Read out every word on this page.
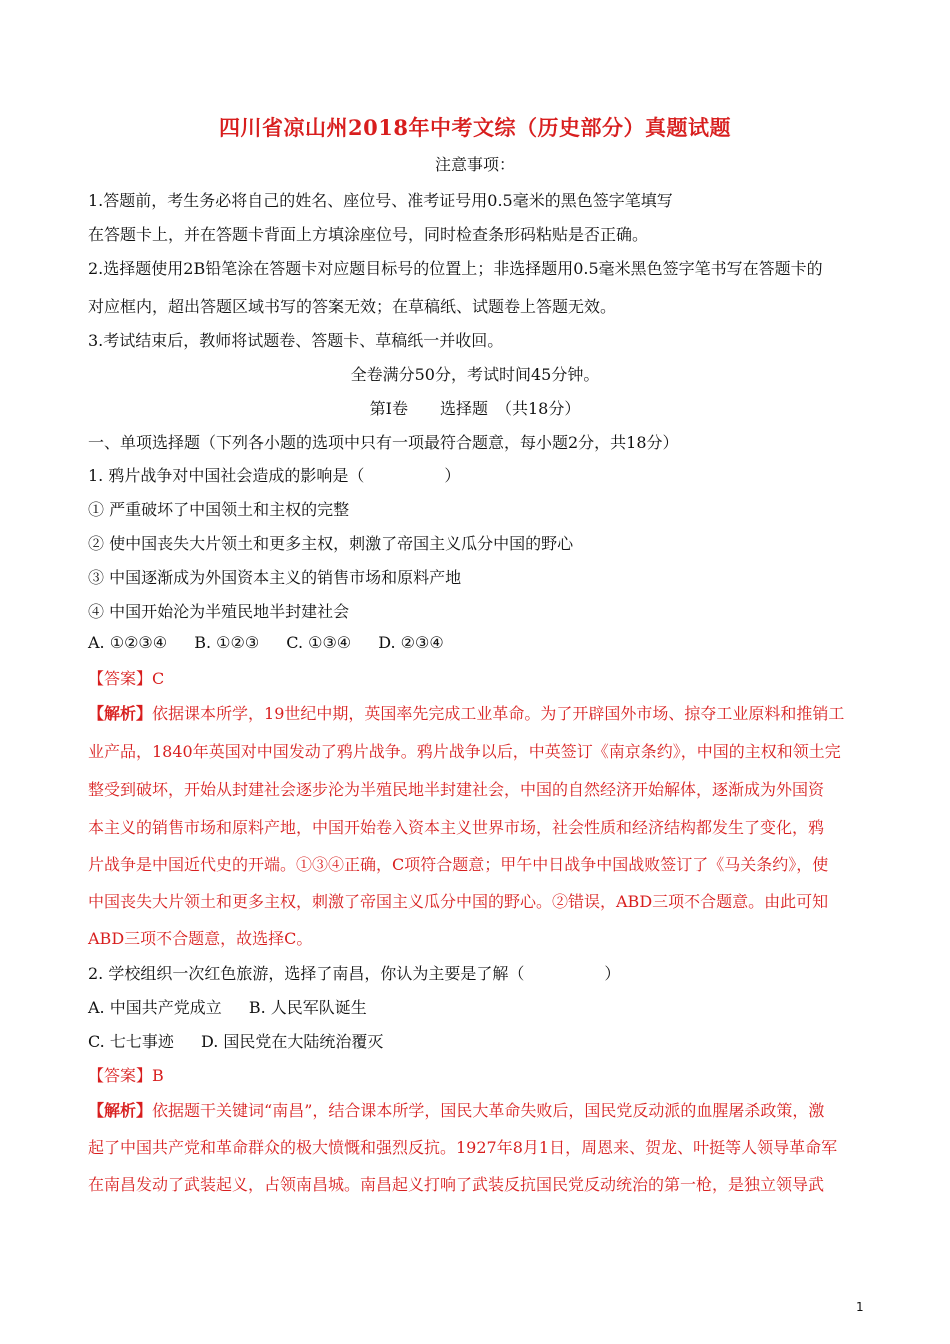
四川省凉山州2018年中考文综（历史部分）真题试题
注意事项：
1.答题前，考生务必将自己的姓名、座位号、准考证号用0.5毫米的黑色签字笔填写
在答题卡上，并在答题卡背面上方填涂座位号，同时检查条形码粘贴是否正确。
2.选择题使用2B铅笔涂在答题卡对应题目标号的位置上；非选择题用0.5毫米黑色签字笔书写在答题卡的
对应框内，超出答题区域书写的答案无效；在草稿纸、试题卷上答题无效。
3.考试结束后，教师将试题卷、答题卡、草稿纸一并收回。
全卷满分50分，考试时间45分钟。
第Ⅰ卷　　选择题　（共18分）
一、单项选择题（下列各小题的选项中只有一项最符合题意，每小题2分，共18分）
1. 鸦片战争对中国社会造成的影响是（　　　　　）
① 严重破坏了中国领土和主权的完整
② 使中国丧失大片领土和更多主权，刺激了帝国主义瓜分中国的野心
③ 中国逐渐成为外国资本主义的销售市场和原料产地
④ 中国开始沦为半殖民地半封建社会
A. ①②③④ B. ①②③ C. ①③④ D. ②③④
【答案】C
【解析】依据课本所学，19世纪中期，英国率先完成工业革命。为了开辟国外市场、掠夺工业原料和推销工
业产品，1840年英国对中国发动了鸦片战争。鸦片战争以后，中英签订《南京条约》，中国的主权和领土完
整受到破坏，开始从封建社会逐步沦为半殖民地半封建社会，中国的自然经济开始解体，逐渐成为外国资
本主义的销售市场和原料产地，中国开始卷入资本主义世界市场，社会性质和经济结构都发生了变化，鸦
片战争是中国近代史的开端。①③④正确，C项符合题意；甲午中日战争中国战败签订了《马关条约》，使
中国丧失大片领土和更多主权，刺激了帝国主义瓜分中国的野心。②错误，ABD三项不合题意。由此可知
ABD三项不合题意，故选择C。
2. 学校组织一次红色旅游，选择了南昌，你认为主要是了解（　　　　　）
A. 中国共产党成立 B. 人民军队诞生
C. 七七事迹 D. 国民党在大陆统治覆灭
【答案】B
【解析】依据题干关键词“南昌”，结合课本所学，国民大革命失败后，国民党反动派的血腥屠杀政策，激
起了中国共产党和革命群众的极大愤慨和强烈反抗。1927年8月1日，周恩来、贺龙、叶挺等人领导革命军
在南昌发动了武装起义，占领南昌城。南昌起义打响了武装反抗国民党反动统治的第一枪，是独立领导武
1
